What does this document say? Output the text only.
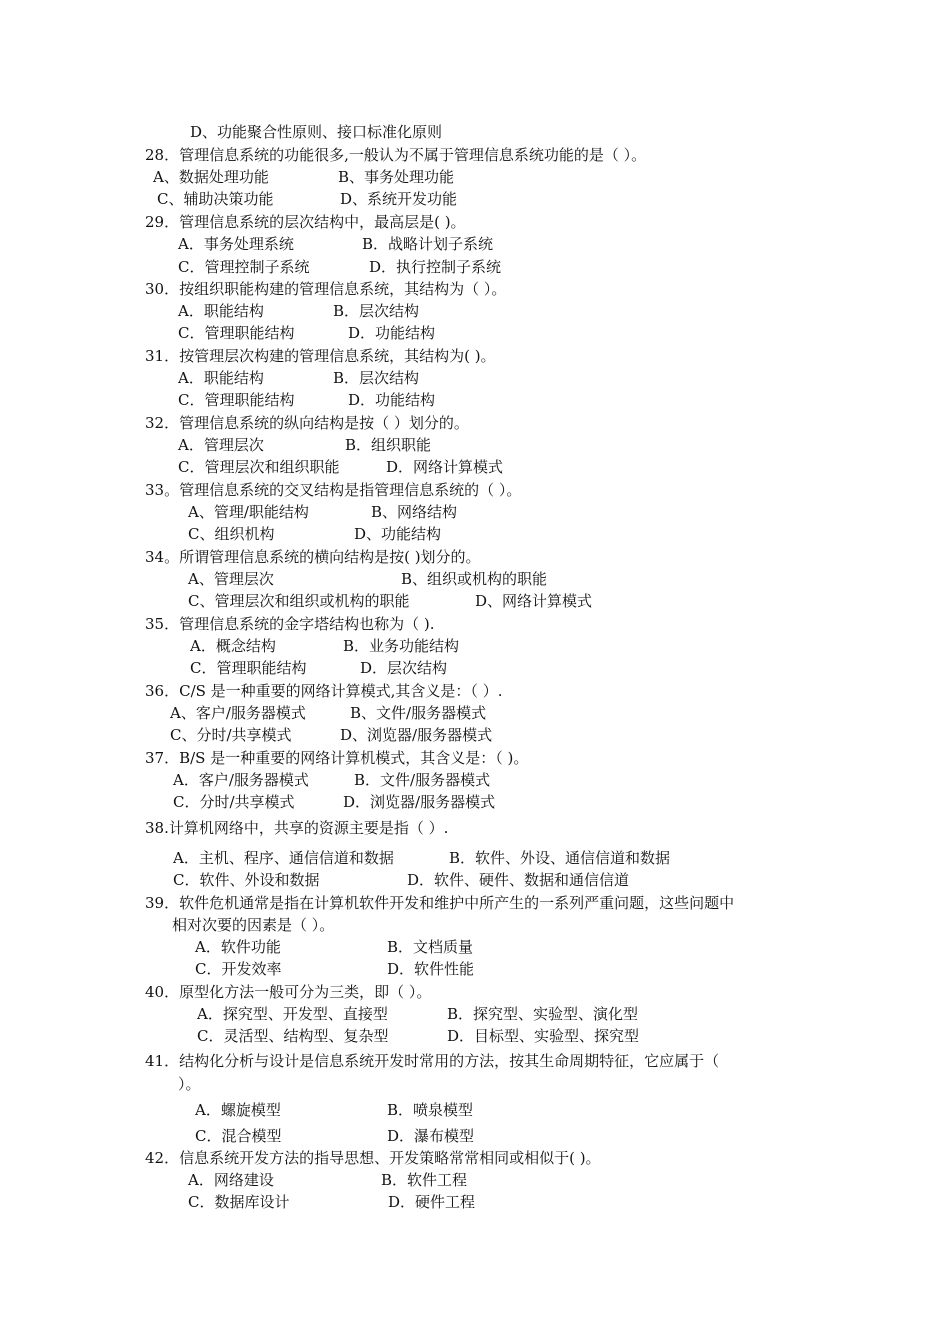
D、功能聚合性原则、接口标准化原则
28．管理信息系统的功能很多,一般认为不属于管理信息系统功能的是（ ）。
A、数据处理功能	B、事务处理功能
C、辅助决策功能	D、系统开发功能
29．管理信息系统的层次结构中，最高层是( )。
A．事务处理系统	B．战略计划子系统
C．管理控制子系统	D．执行控制子系统
30．按组织职能构建的管理信息系统，其结构为（ ）。
A．职能结构	B．层次结构
C．管理职能结构	D．功能结构
31．按管理层次构建的管理信息系统，其结构为( )。
A．职能结构	B．层次结构
C．管理职能结构	D．功能结构
32．管理信息系统的纵向结构是按（ ）划分的。
A．管理层次	B．组织职能
C．管理层次和组织职能	D．网络计算模式
33。管理信息系统的交叉结构是指管理信息系统的（ ）。
A、管理/职能结构	B、网络结构
C、组织机构	D、功能结构
34。所谓管理信息系统的横向结构是按( )划分的。
A、管理层次	B、组织或机构的职能
C、管理层次和组织或机构的职能	D、网络计算模式
35．管理信息系统的金字塔结构也称为（ ).
A．概念结构	B．业务功能结构
C．管理职能结构	D．层次结构
36．C/S 是一种重要的网络计算模式,其含义是：（ ）.
A、客户/服务器模式	B、文件/服务器模式
C、分时/共享模式	D、浏览器/服务器模式
37．B/S 是一种重要的网络计算机模式，其含义是：（ )。
A．客户/服务器模式	B．文件/服务器模式
C．分时/共享模式	D．浏览器/服务器模式
38.计算机网络中，共享的资源主要是指（ ）.
A．主机、程序、通信信道和数据	B．软件、外设、通信信道和数据
C．软件、外设和数据	D．软件、硬件、数据和通信信道
39．软件危机通常是指在计算机软件开发和维护中所产生的一系列严重问题，这些问题中
相对次要的因素是（ ）。
A．软件功能	B．文档质量
C．开发效率	D．软件性能
40．原型化方法一般可分为三类，即（ ）。
A．探究型、开发型、直接型	B．探究型、实验型、演化型
C．灵活型、结构型、复杂型	D．目标型、实验型、探究型
41．结构化分析与设计是信息系统开发时常用的方法，按其生命周期特征，它应属于（
）。
A．螺旋模型	B．喷泉模型
C．混合模型	D．瀑布模型
42．信息系统开发方法的指导思想、开发策略常常相同或相似于( )。
A．网络建设	B．软件工程
C．数据库设计	D．硬件工程
